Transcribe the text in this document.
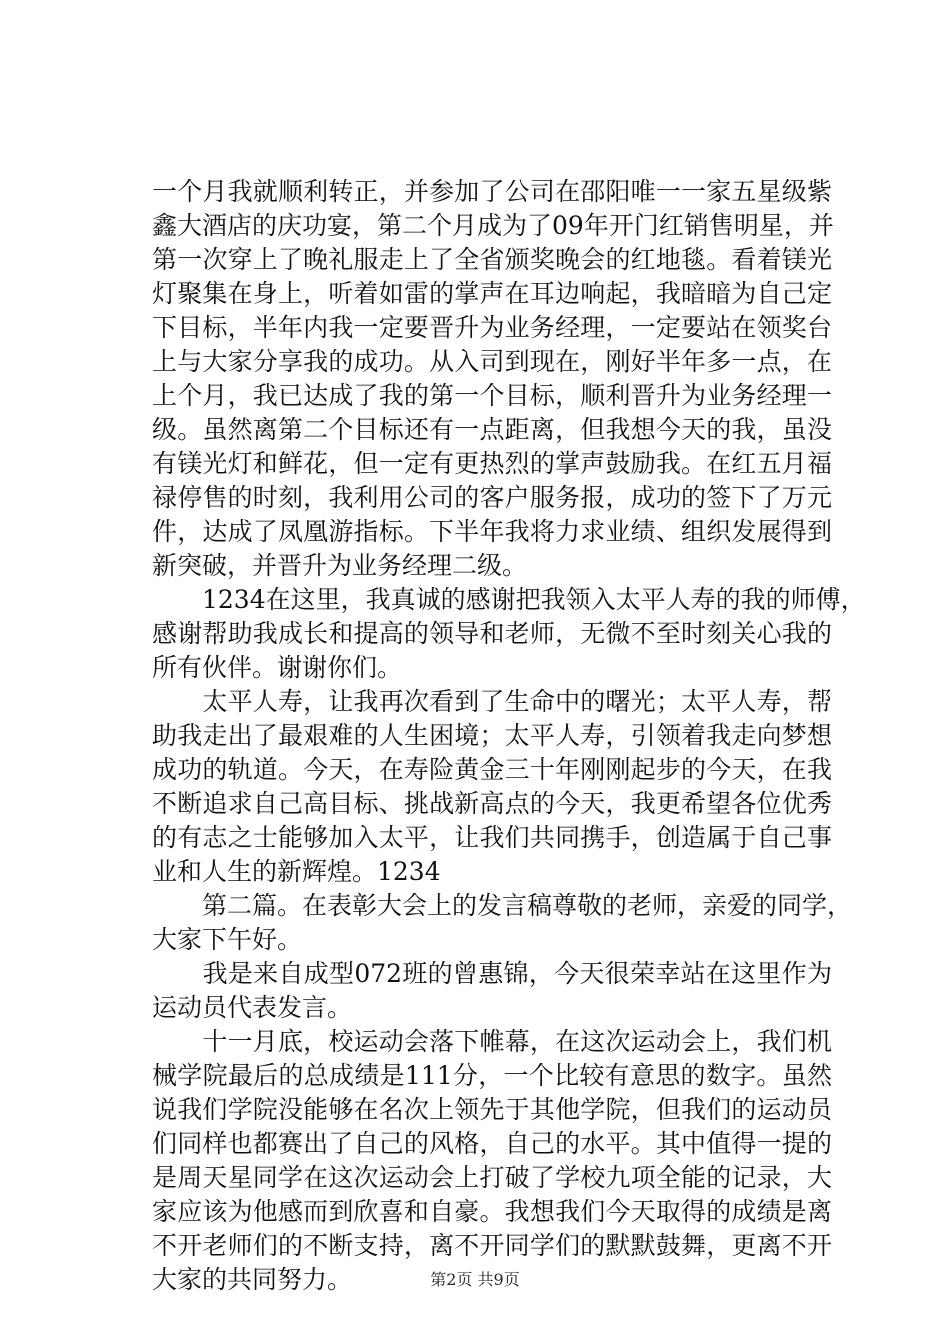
一个月我就顺利转正，并参加了公司在邵阳唯一一家五星级紫
鑫大酒店的庆功宴，第二个月成为了09年开门红销售明星，并
第一次穿上了晚礼服走上了全省颁奖晚会的红地毯。看着镁光
灯聚集在身上，听着如雷的掌声在耳边响起，我暗暗为自己定
下目标，半年内我一定要晋升为业务经理，一定要站在领奖台
上与大家分享我的成功。从入司到现在，刚好半年多一点，在
上个月，我已达成了我的第一个目标，顺利晋升为业务经理一
级。虽然离第二个目标还有一点距离，但我想今天的我，虽没
有镁光灯和鲜花，但一定有更热烈的掌声鼓励我。在红五月福
禄停售的时刻，我利用公司的客户服务报，成功的签下了万元
件，达成了凤凰游指标。下半年我将力求业绩、组织发展得到
新突破，并晋升为业务经理二级。
　　1234在这里，我真诚的感谢把我领入太平人寿的我的师傅，
感谢帮助我成长和提高的领导和老师，无微不至时刻关心我的
所有伙伴。谢谢你们。
　　太平人寿，让我再次看到了生命中的曙光；太平人寿，帮
助我走出了最艰难的人生困境；太平人寿，引领着我走向梦想
成功的轨道。今天，在寿险黄金三十年刚刚起步的今天，在我
不断追求自己高目标、挑战新高点的今天，我更希望各位优秀
的有志之士能够加入太平，让我们共同携手，创造属于自己事
业和人生的新辉煌。1234
　　第二篇。在表彰大会上的发言稿尊敬的老师，亲爱的同学，
大家下午好。
　　我是来自成型072班的曾惠锦，今天很荣幸站在这里作为
运动员代表发言。
　　十一月底，校运动会落下帷幕，在这次运动会上，我们机
械学院最后的总成绩是111分，一个比较有意思的数字。虽然
说我们学院没能够在名次上领先于其他学院，但我们的运动员
们同样也都赛出了自己的风格，自己的水平。其中值得一提的
是周天星同学在这次运动会上打破了学校九项全能的记录，大
家应该为他感而到欣喜和自豪。我想我们今天取得的成绩是离
不开老师们的不断支持，离不开同学们的默默鼓舞，更离不开
大家的共同努力。	第2页 共9页
